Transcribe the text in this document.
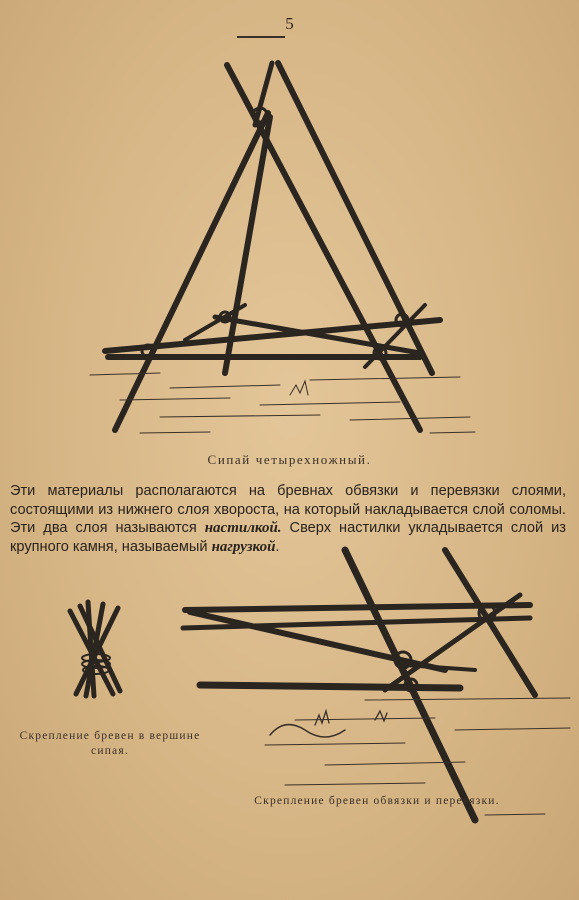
5
Сипай четырехножный.
Эти материалы располагаются на бревнах обвязки и перевязки слоями, состоящими из нижнего слоя хвороста, на который накладывается слой соломы. Эти два слоя называются настилкой. Сверх настилки укладывается слой из крупного камня, называемый нагрузкой.
Скрепление бревен в вершине
сипая.
Скрепление бревен обвязки и перевязки.
